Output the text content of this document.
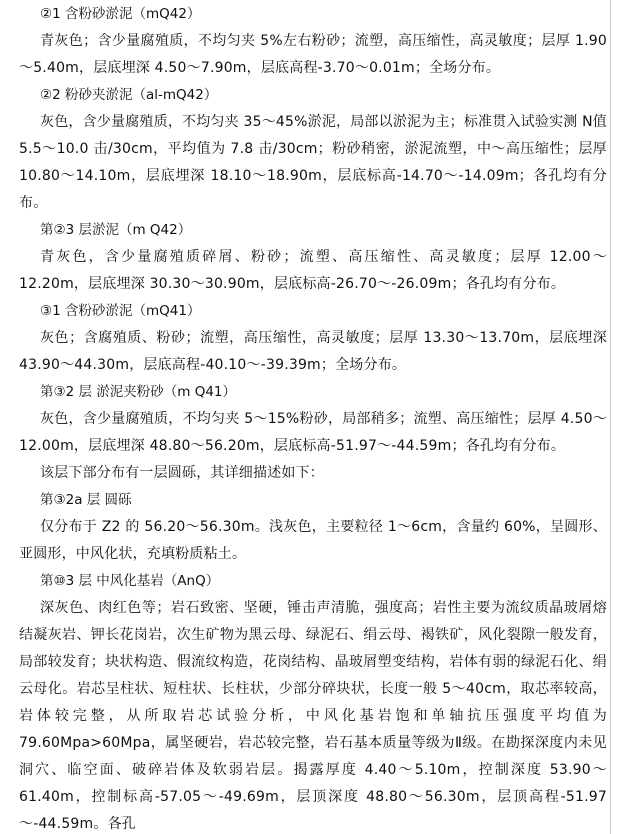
②1 含粉砂淤泥（mQ42）

青灰色；含少量腐殖质，不均匀夹 5%左右粉砂；流塑，高压缩性，高灵敏度；层厚 1.90～5.40m，层底埋深 4.50～7.90m，层底高程-3.70～0.01m；全场分布。

②2 粉砂夹淤泥（al-mQ42）

灰色，含少量腐殖质，不均匀夹 35～45%淤泥，局部以淤泥为主；标准贯入试验实测 N值 5.5～10.0 击/30cm，平均值为 7.8 击/30cm；粉砂稍密，淤泥流塑，中～高压缩性；层厚 10.80～14.10m，层底埋深 18.10～18.90m，层底标高-14.70～-14.09m；各孔均有分布。

第②3 层淤泥（m Q42）

青灰色，含少量腐殖质碎屑、粉砂；流塑、高压缩性、高灵敏度；层厚 12.00～12.20m，层底埋深 30.30～30.90m，层底标高-26.70～-26.09m；各孔均有分布。

③1 含粉砂淤泥（mQ41）

灰色；含腐殖质、粉砂；流塑，高压缩性，高灵敏度；层厚 13.30～13.70m，层底埋深 43.90～44.30m，层底高程-40.10～-39.39m；全场分布。

第③2 层 淤泥夹粉砂（m Q41）

灰色，含少量腐殖质，不均匀夹 5～15%粉砂，局部稍多；流塑、高压缩性；层厚 4.50～12.00m，层底埋深 48.80～56.20m，层底标高-51.97～-44.59m；各孔均有分布。

该层下部分布有一层圆砾，其详细描述如下：

第③2a 层 圆砾

仅分布于 Z2 的 56.20～56.30m。浅灰色，主要粒径 1～6cm，含量约 60%，呈圆形、亚圆形，中风化状，充填粉质粘土。

第⑩3 层 中风化基岩（AnQ）

深灰色、肉红色等；岩石致密、坚硬，锤击声清脆，强度高；岩性主要为流纹质晶玻屑熔结凝灰岩、钾长花岗岩，次生矿物为黑云母、绿泥石、绢云母、褐铁矿，风化裂隙一般发育，局部较发育；块状构造、假流纹构造，花岗结构、晶玻屑塑变结构，岩体有弱的绿泥石化、绢云母化。岩芯呈柱状、短柱状、长柱状，少部分碎块状，长度一般 5～40cm，取芯率较高，岩体较完整，从所取岩芯试验分析，中风化基岩饱和单轴抗压强度平均值为 79.60Mpa>60Mpa，属坚硬岩，岩芯较完整，岩石基本质量等级为Ⅱ级。在勘探深度内未见洞穴、临空面、破碎岩体及软弱岩层。揭露厚度 4.40～5.10m，控制深度 53.90～61.40m，控制标高-57.05～-49.69m，层顶深度 48.80～56.30m，层顶高程-51.97～-44.59m。各孔
